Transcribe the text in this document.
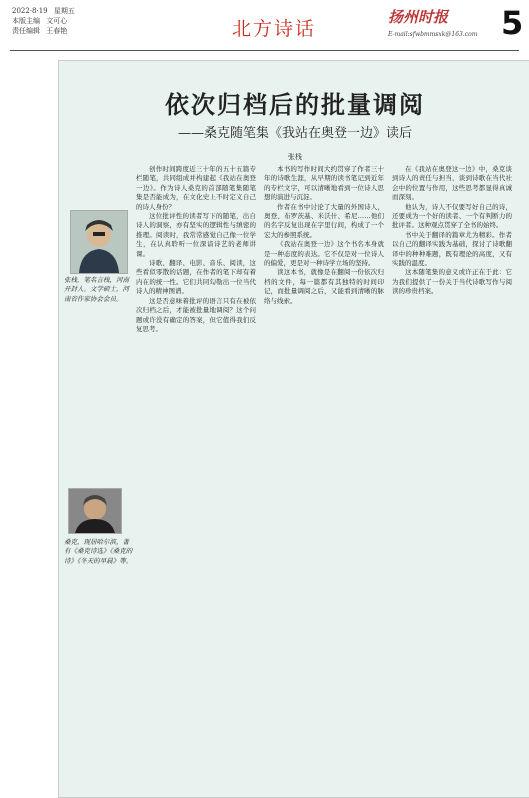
2022·8·19 星期五
本版主编 文可心
责任编辑 王春艳	北方诗话
扬州时报
E-mail:sfwbmmsxk@163.com 5
依次归档后的批量调阅
——桑克随笔集《我站在奥登一边》读后
张栈
张栈，笔名言栈，河南开封人。文学硕士，河南省作家协会会员。
桑克，现居哈尔滨，著有《桑克诗选》《桑克的诗》《冬天的早晨》等。

创作时间跨度近三十年的五十五篇专栏随笔，共同组成并构建起《我站在奥登一边》。作为诗人桑克的首部随笔集随笔集是否能成为，在文化史上不时定义自己的诗人身份？

这位批评性的读者写下的随笔，出自诗人的洞察，亦有坚实的逻辑性与缜密的推理。阅读时，我常常感觉自己像一位学生，在认真聆听一位深谙诗艺的老师讲课。

诗歌、翻译、电影、音乐、阅读，这些看似零散的话题，在作者的笔下却有着内在的统一性。它们共同勾勒出一位当代诗人的精神图谱。

这是否意味着批评的语言只有在被依次归档之后，才能被批量地调阅？这个问题或许没有确定的答案，但它值得我们反复思考。

本书的写作时间大约贯穿了作者三十年的诗歌生涯，从早期的读书笔记到近年的专栏文字，可以清晰地看到一位诗人思想的演进与沉淀。

作者在书中讨论了大量的外国诗人，奥登、布罗茨基、米沃什、希尼……他们的名字反复出现在字里行间，构成了一个宏大的参照系统。

《我站在奥登一边》这个书名本身就是一种态度的表达。它不仅是对一位诗人的偏爱，更是对一种诗学立场的坚持。

读这本书，就像是在翻阅一份依次归档的文件，每一篇都有其独特的时间印记，而批量调阅之后，又能看到清晰的脉络与线索。

在《我站在奥登这一边》中，桑克谈到诗人的责任与担当，谈到诗歌在当代社会中的位置与作用，这些思考都显得真诚而深刻。

他认为，诗人不仅要写好自己的诗，还要成为一个好的读者、一个有判断力的批评者。这种观点贯穿了全书的始终。

书中关于翻译的篇章尤为精彩。作者以自己的翻译实践为基础，探讨了诗歌翻译中的种种难题，既有理论的高度，又有实践的温度。

这本随笔集的意义或许正在于此：它为我们提供了一份关于当代诗歌写作与阅读的珍贵档案。
